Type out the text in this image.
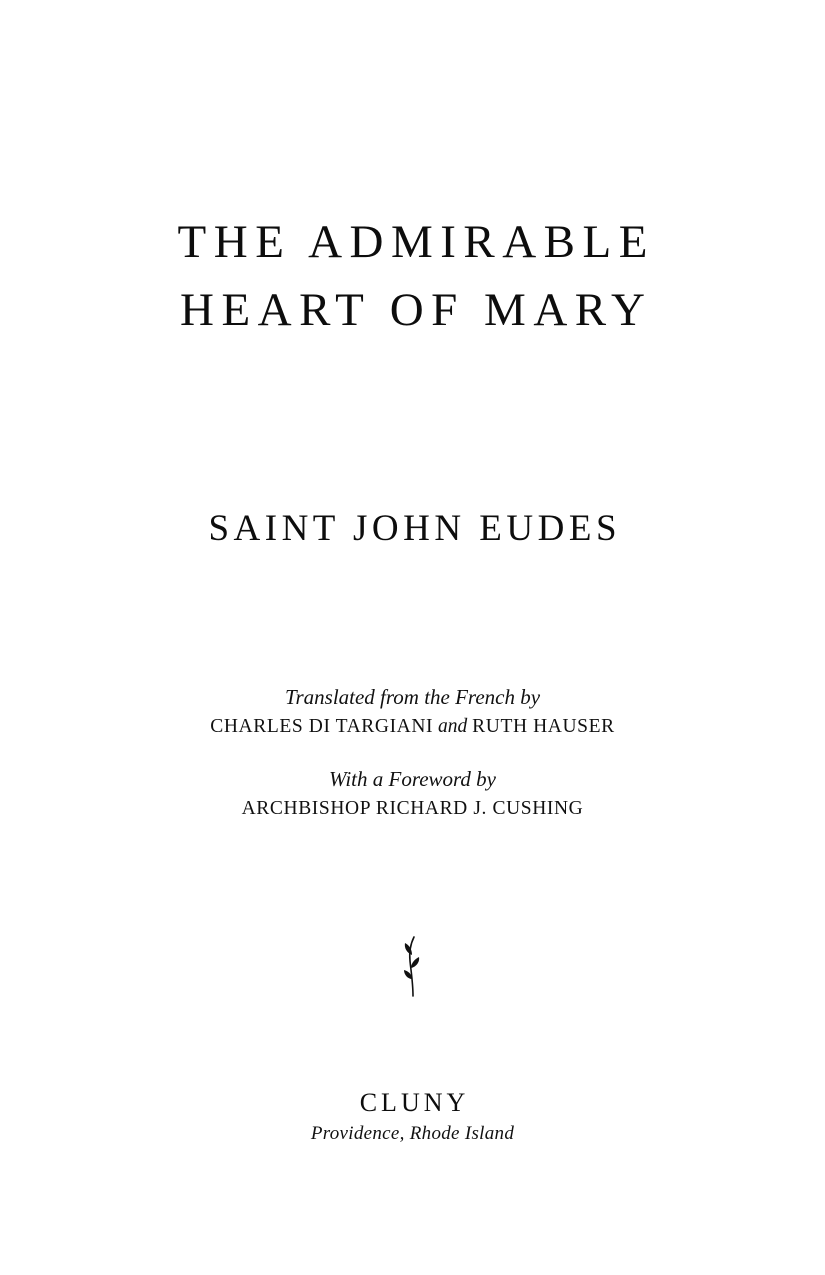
THE ADMIRABLE
HEART OF MARY
SAINT JOHN EUDES
Translated from the French by
CHARLES DI TARGIANI and RUTH HAUSER
With a Foreword by
ARCHBISHOP RICHARD J. CUSHING
CLUNY
Providence, Rhode Island
